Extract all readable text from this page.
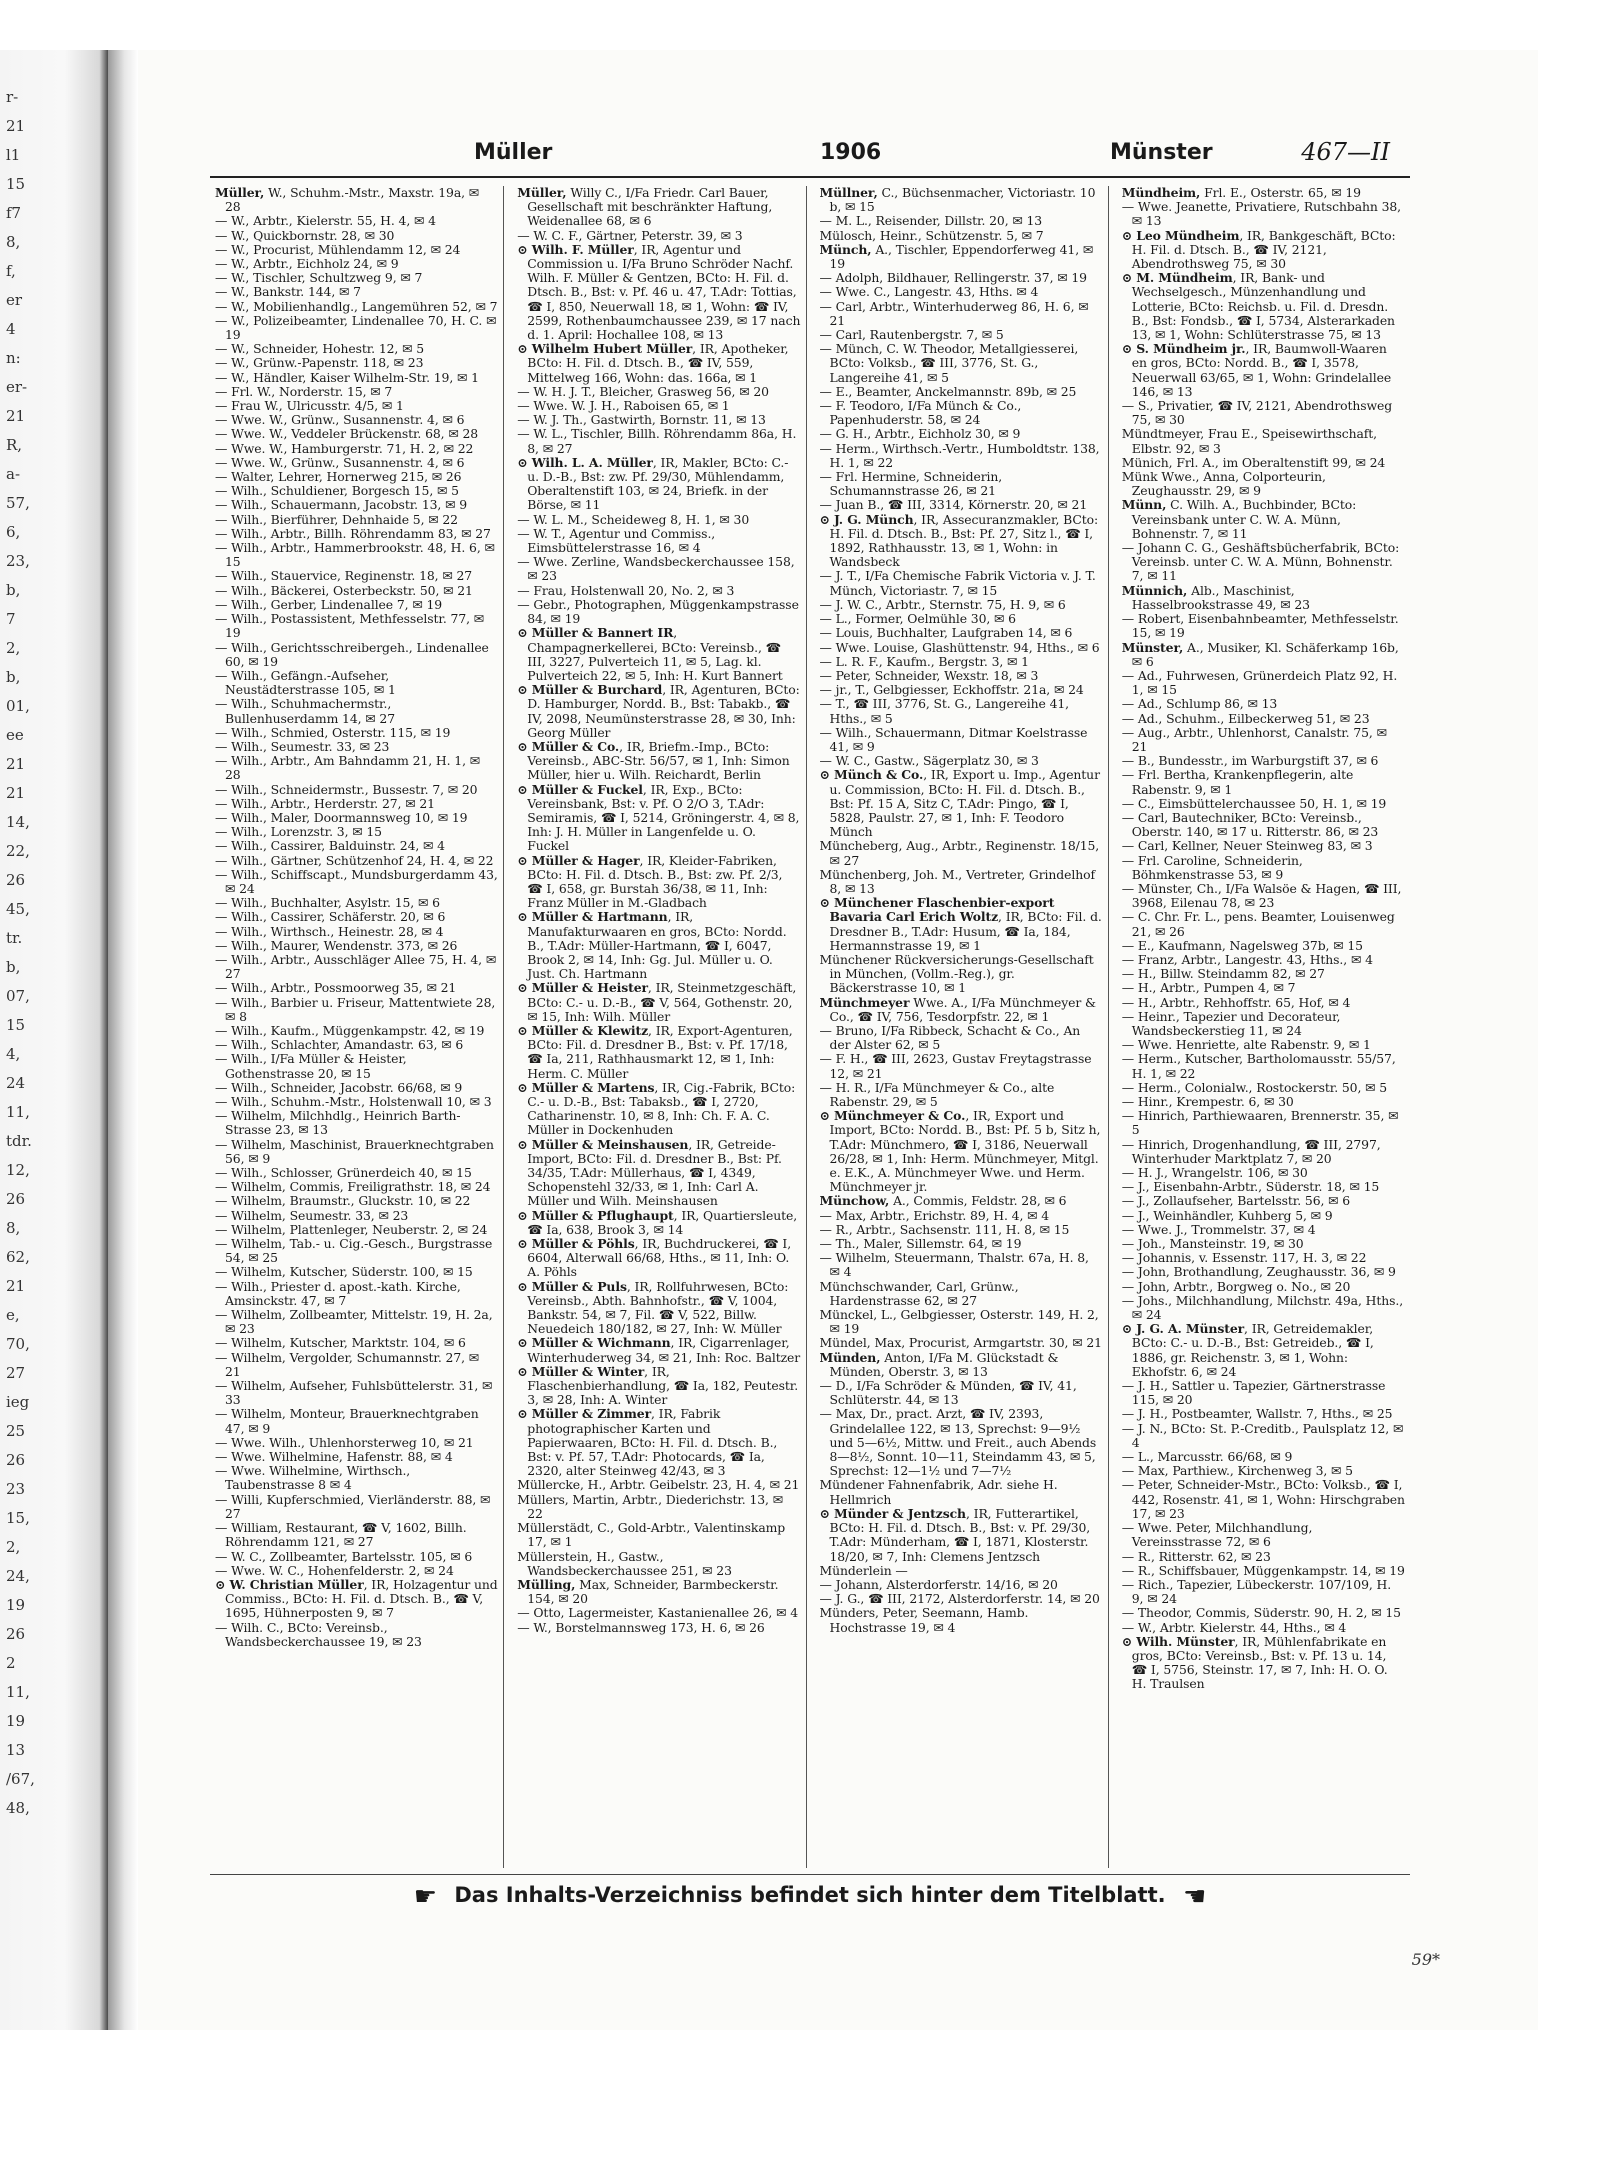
r-
21
l1
15
f7
8,
f,
er
4
n:
er-
21
R,
a-
57,
6,
23,
b,
7
2,
b,
01,
ee
21
21
14,
22,
26
45,
tr.
b,
07,
15
4,
24
11,
tdr.
12,
26
8,
62,
21
e,
70,
27
ieg
25
26
23
15,
2,
24,
19
26
2
11,
19
13
/67,
48,
Müller	1906	Münster	467—II

Müller, W., Schuhm.-Mstr., Maxstr. 19a, ✉ 28

— W., Arbtr., Kielerstr. 55, H. 4, ✉ 4

— W., Quickbornstr. 28, ✉ 30

— W., Procurist, Mühlendamm 12, ✉ 24

— W., Arbtr., Eichholz 24, ✉ 9

— W., Tischler, Schultzweg 9, ✉ 7

— W., Bankstr. 144, ✉ 7

— W., Mobilienhandlg., Langemühren 52, ✉ 7

— W., Polizeibeamter, Lindenallee 70, H. C. ✉ 19

— W., Schneider, Hohestr. 12, ✉ 5

— W., Grünw.-Papenstr. 118, ✉ 23

— W., Händler, Kaiser Wilhelm-Str. 19, ✉ 1

— Frl. W., Norderstr. 15, ✉ 7

— Frau W., Ulricusstr. 4/5, ✉ 1

— Wwe. W., Grünw., Susannenstr. 4, ✉ 6

— Wwe. W., Veddeler Brückenstr. 68, ✉ 28

— Wwe. W., Hamburgerstr. 71, H. 2, ✉ 22

— Wwe. W., Grünw., Susannenstr. 4, ✉ 6

— Walter, Lehrer, Hornerweg 215, ✉ 26

— Wilh., Schuldiener, Borgesch 15, ✉ 5

— Wilh., Schauermann, Jacobstr. 13, ✉ 9

— Wilh., Bierführer, Dehnhaide 5, ✉ 22

— Wilh., Arbtr., Billh. Röhrendamm 83, ✉ 27

— Wilh., Arbtr., Hammerbrookstr. 48, H. 6, ✉ 15

— Wilh., Stauervice, Reginenstr. 18, ✉ 27

— Wilh., Bäckerei, Osterbeckstr. 50, ✉ 21

— Wilh., Gerber, Lindenallee 7, ✉ 19

— Wilh., Postassistent, Methfesselstr. 77, ✉ 19

— Wilh., Gerichtsschreibergeh., Lindenallee 60, ✉ 19

— Wilh., Gefängn.-Aufseher, Neustädterstrasse 105, ✉ 1

— Wilh., Schuhmachermstr., Bullenhuserdamm 14, ✉ 27

— Wilh., Schmied, Osterstr. 115, ✉ 19

— Wilh., Seumestr. 33, ✉ 23

— Wilh., Arbtr., Am Bahndamm 21, H. 1, ✉ 28

— Wilh., Schneidermstr., Bussestr. 7, ✉ 20

— Wilh., Arbtr., Herderstr. 27, ✉ 21

— Wilh., Maler, Doormannsweg 10, ✉ 19

— Wilh., Lorenzstr. 3, ✉ 15

— Wilh., Cassirer, Balduinstr. 24, ✉ 4

— Wilh., Gärtner, Schützenhof 24, H. 4, ✉ 22

— Wilh., Schiffscapt., Mundsburgerdamm 43, ✉ 24

— Wilh., Buchhalter, Asylstr. 15, ✉ 6

— Wilh., Cassirer, Schäferstr. 20, ✉ 6

— Wilh., Wirthsch., Heinestr. 28, ✉ 4

— Wilh., Maurer, Wendenstr. 373, ✉ 26

— Wilh., Arbtr., Ausschläger Allee 75, H. 4, ✉ 27

— Wilh., Arbtr., Possmoorweg 35, ✉ 21

— Wilh., Barbier u. Friseur, Mattentwiete 28, ✉ 8

— Wilh., Kaufm., Müggenkampstr. 42, ✉ 19

— Wilh., Schlachter, Amandastr. 63, ✉ 6

— Wilh., I/Fa Müller & Heister, Gothenstrasse 20, ✉ 15

— Wilh., Schneider, Jacobstr. 66/68, ✉ 9

— Wilh., Schuhm.-Mstr., Holstenwall 10, ✉ 3

— Wilhelm, Milchhdlg., Heinrich Barth-Strasse 23, ✉ 13

— Wilhelm, Maschinist, Brauerknechtgraben 56, ✉ 9

— Wilh., Schlosser, Grünerdeich 40, ✉ 15

— Wilhelm, Commis, Freiligrathstr. 18, ✉ 24

— Wilhelm, Braumstr., Gluckstr. 10, ✉ 22

— Wilhelm, Seumestr. 33, ✉ 23

— Wilhelm, Plattenleger, Neuberstr. 2, ✉ 24

— Wilhelm, Tab.- u. Cig.-Gesch., Burgstrasse 54, ✉ 25

— Wilhelm, Kutscher, Süderstr. 100, ✉ 15

— Wilh., Priester d. apost.-kath. Kirche, Amsinckstr. 47, ✉ 7

— Wilhelm, Zollbeamter, Mittelstr. 19, H. 2a, ✉ 23

— Wilhelm, Kutscher, Marktstr. 104, ✉ 6

— Wilhelm, Vergolder, Schumannstr. 27, ✉ 21

— Wilhelm, Aufseher, Fuhlsbüttelerstr. 31, ✉ 33

— Wilhelm, Monteur, Brauerknechtgraben 47, ✉ 9

— Wwe. Wilh., Uhlenhorsterweg 10, ✉ 21

— Wwe. Wilhelmine, Hafenstr. 88, ✉ 4

— Wwe. Wilhelmine, Wirthsch., Taubenstrasse 8 ✉ 4

— Willi, Kupferschmied, Vierländerstr. 88, ✉ 27

— William, Restaurant, ☎ V, 1602, Billh. Röhrendamm 121, ✉ 27

— W. C., Zollbeamter, Bartelsstr. 105, ✉ 6

— Wwe. W. C., Hohenfelderstr. 2, ✉ 24

⊙ W. Christian Müller, IR, Holzagentur und Commiss., BCto: H. Fil. d. Dtsch. B., ☎ V, 1695, Hühnerposten 9, ✉ 7

— Wilh. C., BCto: Vereinsb., Wandsbeckerchaussee 19, ✉ 23

Müller, Willy C., I/Fa Friedr. Carl Bauer, Gesellschaft mit beschränkter Haftung, Weidenallee 68, ✉ 6

— W. C. F., Gärtner, Peterstr. 39, ✉ 3

⊙ Wilh. F. Müller, IR, Agentur und Commission u. I/Fa Bruno Schröder Nachf. Wilh. F. Müller & Gentzen, BCto: H. Fil. d. Dtsch. B., Bst: v. Pf. 46 u. 47, T.Adr: Tottias, ☎ I, 850, Neuerwall 18, ✉ 1, Wohn: ☎ IV, 2599, Rothenbaumchaussee 239, ✉ 17 nach d. 1. April: Hochallee 108, ✉ 13

⊙ Wilhelm Hubert Müller, IR, Apotheker, BCto: H. Fil. d. Dtsch. B., ☎ IV, 559, Mittelweg 166, Wohn: das. 166a, ✉ 1

— W. H. J. T., Bleicher, Grasweg 56, ✉ 20

— Wwe. W. J. H., Raboisen 65, ✉ 1

— W. J. Th., Gastwirth, Bornstr. 11, ✉ 13

— W. L., Tischler, Billh. Röhrendamm 86a, H. 8, ✉ 27

⊙ Wilh. L. A. Müller, IR, Makler, BCto: C.- u. D.-B., Bst: zw. Pf. 29/30, Mühlendamm, Oberaltenstift 103, ✉ 24, Briefk. in der Börse, ✉ 11

— W. L. M., Scheideweg 8, H. 1, ✉ 30

— W. T., Agentur und Commiss., Eimsbüttelerstrasse 16, ✉ 4

— Wwe. Zerline, Wandsbeckerchaussee 158, ✉ 23

— Frau, Holstenwall 20, No. 2, ✉ 3

— Gebr., Photographen, Müggenkampstrasse 84, ✉ 19

⊙ Müller & Bannert IR, Champagnerkellerei, BCto: Vereinsb., ☎ III, 3227, Pulverteich 11, ✉ 5, Lag. kl. Pulverteich 22, ✉ 5, Inh: H. Kurt Bannert

⊙ Müller & Burchard, IR, Agenturen, BCto: D. Hamburger, Nordd. B., Bst: Tabakb., ☎ IV, 2098, Neumünsterstrasse 28, ✉ 30, Inh: Georg Müller

⊙ Müller & Co., IR, Briefm.-Imp., BCto: Vereinsb., ABC-Str. 56/57, ✉ 1, Inh: Simon Müller, hier u. Wilh. Reichardt, Berlin

⊙ Müller & Fuckel, IR, Exp., BCto: Vereinsbank, Bst: v. Pf. O 2/O 3, T.Adr: Semiramis, ☎ I, 5214, Gröningerstr. 4, ✉ 8, Inh: J. H. Müller in Langenfelde u. O. Fuckel

⊙ Müller & Hager, IR, Kleider-Fabriken, BCto: H. Fil. d. Dtsch. B., Bst: zw. Pf. 2/3, ☎ I, 658, gr. Burstah 36/38, ✉ 11, Inh: Franz Müller in M.-Gladbach

⊙ Müller & Hartmann, IR, Manufakturwaaren en gros, BCto: Nordd. B., T.Adr: Müller-Hartmann, ☎ I, 6047, Brook 2, ✉ 14, Inh: Gg. Jul. Müller u. O. Just. Ch. Hartmann

⊙ Müller & Heister, IR, Steinmetzgeschäft, BCto: C.- u. D.-B., ☎ V, 564, Gothenstr. 20, ✉ 15, Inh: Wilh. Müller

⊙ Müller & Klewitz, IR, Export-Agenturen, BCto: Fil. d. Dresdner B., Bst: v. Pf. 17/18, ☎ Ia, 211, Rathhausmarkt 12, ✉ 1, Inh: Herm. C. Müller

⊙ Müller & Martens, IR, Cig.-Fabrik, BCto: C.- u. D.-B., Bst: Tabaksb., ☎ I, 2720, Catharinenstr. 10, ✉ 8, Inh: Ch. F. A. C. Müller in Dockenhuden

⊙ Müller & Meinshausen, IR, Getreide-Import, BCto: Fil. d. Dresdner B., Bst: Pf. 34/35, T.Adr: Müllerhaus, ☎ I, 4349, Schopenstehl 32/33, ✉ 1, Inh: Carl A. Müller und Wilh. Meinshausen

⊙ Müller & Pflughaupt, IR, Quartiersleute, ☎ Ia, 638, Brook 3, ✉ 14

⊙ Müller & Pöhls, IR, Buchdruckerei, ☎ I, 6604, Alterwall 66/68, Hths., ✉ 11, Inh: O. A. Pöhls

⊙ Müller & Puls, IR, Rollfuhrwesen, BCto: Vereinsb., Abth. Bahnhofstr., ☎ V, 1004, Bankstr. 54, ✉ 7, Fil. ☎ V, 522, Billw. Neuedeich 180/182, ✉ 27, Inh: W. Müller

⊙ Müller & Wichmann, IR, Cigarrenlager, Winterhuderweg 34, ✉ 21, Inh: Roc. Baltzer

⊙ Müller & Winter, IR, Flaschenbierhandlung, ☎ Ia, 182, Peutestr. 3, ✉ 28, Inh: A. Winter

⊙ Müller & Zimmer, IR, Fabrik photographischer Karten und Papierwaaren, BCto: H. Fil. d. Dtsch. B., Bst: v. Pf. 57, T.Adr: Photocards, ☎ Ia, 2320, alter Steinweg 42/43, ✉ 3

Müllercke, H., Arbtr. Geibelstr. 23, H. 4, ✉ 21

Müllers, Martin, Arbtr., Diederichstr. 13, ✉ 22

Müllerstädt, C., Gold-Arbtr., Valentinskamp 17, ✉ 1

Müllerstein, H., Gastw., Wandsbeckerchaussee 251, ✉ 23

Mülling, Max, Schneider, Barmbeckerstr. 154, ✉ 20

— Otto, Lagermeister, Kastanienallee 26, ✉ 4

— W., Borstelmannsweg 173, H. 6, ✉ 26

Müllner, C., Büchsenmacher, Victoriastr. 10 b, ✉ 15

— M. L., Reisender, Dillstr. 20, ✉ 13

Mülosch, Heinr., Schützenstr. 5, ✉ 7

Münch, A., Tischler, Eppendorferweg 41, ✉ 19

— Adolph, Bildhauer, Rellingerstr. 37, ✉ 19

— Wwe. C., Langestr. 43, Hths. ✉ 4

— Carl, Arbtr., Winterhuderweg 86, H. 6, ✉ 21

— Carl, Rautenbergstr. 7, ✉ 5

— Münch, C. W. Theodor, Metallgiesserei, BCto: Volksb., ☎ III, 3776, St. G., Langereihe 41, ✉ 5

— E., Beamter, Anckelmannstr. 89b, ✉ 25

— F. Teodoro, I/Fa Münch & Co., Papenhuderstr. 58, ✉ 24

— G. H., Arbtr., Eichholz 30, ✉ 9

— Herm., Wirthsch.-Vertr., Humboldtstr. 138, H. 1, ✉ 22

— Frl. Hermine, Schneiderin, Schumannstrasse 26, ✉ 21

— Juan B., ☎ III, 3314, Körnerstr. 20, ✉ 21

⊙ J. G. Münch, IR, Assecuranzmakler, BCto: H. Fil. d. Dtsch. B., Bst: Pf. 27, Sitz l., ☎ I, 1892, Rathhausstr. 13, ✉ 1, Wohn: in Wandsbeck

— J. T., I/Fa Chemische Fabrik Victoria v. J. T. Münch, Victoriastr. 7, ✉ 15

— J. W. C., Arbtr., Sternstr. 75, H. 9, ✉ 6

— L., Former, Oelmühle 30, ✉ 6

— Louis, Buchhalter, Laufgraben 14, ✉ 6

— Wwe. Louise, Glashüttenstr. 94, Hths., ✉ 6

— L. R. F., Kaufm., Bergstr. 3, ✉ 1

— Peter, Schneider, Wexstr. 18, ✉ 3

— jr., T., Gelbgiesser, Eckhoffstr. 21a, ✉ 24

— T., ☎ III, 3776, St. G., Langereihe 41, Hths., ✉ 5

— Wilh., Schauermann, Ditmar Koelstrasse 41, ✉ 9

— W. C., Gastw., Sägerplatz 30, ✉ 3

⊙ Münch & Co., IR, Export u. Imp., Agentur u. Commission, BCto: H. Fil. d. Dtsch. B., Bst: Pf. 15 A, Sitz C, T.Adr: Pingo, ☎ I, 5828, Paulstr. 27, ✉ 1, Inh: F. Teodoro Münch

Müncheberg, Aug., Arbtr., Reginenstr. 18/15, ✉ 27

Münchenberg, Joh. M., Vertreter, Grindelhof 8, ✉ 13

⊙ Münchener Flaschenbier-export Bavaria Carl Erich Woltz, IR, BCto: Fil. d. Dresdner B., T.Adr: Husum, ☎ Ia, 184, Hermannstrasse 19, ✉ 1

Münchener Rückversicherungs-Gesellschaft in München, (Vollm.-Reg.), gr. Bäckerstrasse 10, ✉ 1

Münchmeyer Wwe. A., I/Fa Münchmeyer & Co., ☎ IV, 756, Tesdorpfstr. 22, ✉ 1

— Bruno, I/Fa Ribbeck, Schacht & Co., An der Alster 62, ✉ 5

— F. H., ☎ III, 2623, Gustav Freytagstrasse 12, ✉ 21

— H. R., I/Fa Münchmeyer & Co., alte Rabenstr. 29, ✉ 5

⊙ Münchmeyer & Co., IR, Export und Import, BCto: Nordd. B., Bst: Pf. 5 b, Sitz h, T.Adr: Münchmero, ☎ I, 3186, Neuerwall 26/28, ✉ 1, Inh: Herm. Münchmeyer, Mitgl. e. E.K., A. Münchmeyer Wwe. und Herm. Münchmeyer jr.

Münchow, A., Commis, Feldstr. 28, ✉ 6

— Max, Arbtr., Erichstr. 89, H. 4, ✉ 4

— R., Arbtr., Sachsenstr. 111, H. 8, ✉ 15

— Th., Maler, Sillemstr. 64, ✉ 19

— Wilhelm, Steuermann, Thalstr. 67a, H. 8, ✉ 4

Münchschwander, Carl, Grünw., Hardenstrasse 62, ✉ 27

Münckel, L., Gelbgiesser, Osterstr. 149, H. 2, ✉ 19

Mündel, Max, Procurist, Armgartstr. 30, ✉ 21

Münden, Anton, I/Fa M. Glückstadt & Münden, Oberstr. 3, ✉ 13

— D., I/Fa Schröder & Münden, ☎ IV, 41, Schlüterstr. 44, ✉ 13

— Max, Dr., pract. Arzt, ☎ IV, 2393, Grindelallee 122, ✉ 13, Sprechst: 9—9½ und 5—6½, Mittw. und Freit., auch Abends 8—8½, Sonnt. 10—11, Steindamm 43, ✉ 5, Sprechst: 12—1½ und 7—7½

Mündener Fahnenfabrik, Adr. siehe H. Hellmrich

⊙ Münder & Jentzsch, IR, Futterartikel, BCto: H. Fil. d. Dtsch. B., Bst: v. Pf. 29/30, T.Adr: Münderham, ☎ I, 1871, Klosterstr. 18/20, ✉ 7, Inh: Clemens Jentzsch

Münderlein —

— Johann, Alsterdorferstr. 14/16, ✉ 20

— J. G., ☎ III, 2172, Alsterdorferstr. 14, ✉ 20

Münders, Peter, Seemann, Hamb. Hochstrasse 19, ✉ 4

Mündheim, Frl. E., Osterstr. 65, ✉ 19

— Wwe. Jeanette, Privatiere, Rutschbahn 38, ✉ 13

⊙ Leo Mündheim, IR, Bankgeschäft, BCto: H. Fil. d. Dtsch. B., ☎ IV, 2121, Abendrothsweg 75, ✉ 30

⊙ M. Mündheim, IR, Bank- und Wechselgesch., Münzenhandlung und Lotterie, BCto: Reichsb. u. Fil. d. Dresdn. B., Bst: Fondsb., ☎ I, 5734, Alsterarkaden 13, ✉ 1, Wohn: Schlüterstrasse 75, ✉ 13

⊙ S. Mündheim jr., IR, Baumwoll-Waaren en gros, BCto: Nordd. B., ☎ I, 3578, Neuerwall 63/65, ✉ 1, Wohn: Grindelallee 146, ✉ 13

— S., Privatier, ☎ IV, 2121, Abendrothsweg 75, ✉ 30

Mündtmeyer, Frau E., Speisewirthschaft, Elbstr. 92, ✉ 3

Münich, Frl. A., im Oberaltenstift 99, ✉ 24

Münk Wwe., Anna, Colporteurin, Zeughausstr. 29, ✉ 9

Münn, C. Wilh. A., Buchbinder, BCto: Vereinsbank unter C. W. A. Münn, Bohnenstr. 7, ✉ 11

— Johann C. G., Geshäftsbücherfabrik, BCto: Vereinsb. unter C. W. A. Münn, Bohnenstr. 7, ✉ 11

Münnich, Alb., Maschinist, Hasselbrookstrasse 49, ✉ 23

— Robert, Eisenbahnbeamter, Methfesselstr. 15, ✉ 19

Münster, A., Musiker, Kl. Schäferkamp 16b, ✉ 6

— Ad., Fuhrwesen, Grünerdeich Platz 92, H. 1, ✉ 15

— Ad., Schlump 86, ✉ 13

— Ad., Schuhm., Eilbeckerweg 51, ✉ 23

— Aug., Arbtr., Uhlenhorst, Canalstr. 75, ✉ 21

— B., Bundesstr., im Warburgstift 37, ✉ 6

— Frl. Bertha, Krankenpflegerin, alte Rabenstr. 9, ✉ 1

— C., Eimsbüttelerchaussee 50, H. 1, ✉ 19

— Carl, Bautechniker, BCto: Vereinsb., Oberstr. 140, ✉ 17 u. Ritterstr. 86, ✉ 23

— Carl, Kellner, Neuer Steinweg 83, ✉ 3

— Frl. Caroline, Schneiderin, Böhmkenstrasse 53, ✉ 9

— Münster, Ch., I/Fa Walsöe & Hagen, ☎ III, 3968, Eilenau 78, ✉ 23

— C. Chr. Fr. L., pens. Beamter, Louisenweg 21, ✉ 26

— E., Kaufmann, Nagelsweg 37b, ✉ 15

— Franz, Arbtr., Langestr. 43, Hths., ✉ 4

— H., Billw. Steindamm 82, ✉ 27

— H., Arbtr., Pumpen 4, ✉ 7

— H., Arbtr., Rehhoffstr. 65, Hof, ✉ 4

— Heinr., Tapezier und Decorateur, Wandsbeckerstieg 11, ✉ 24

— Wwe. Henriette, alte Rabenstr. 9, ✉ 1

— Herm., Kutscher, Bartholomausstr. 55/57, H. 1, ✉ 22

— Herm., Colonialw., Rostockerstr. 50, ✉ 5

— Hinr., Krempestr. 6, ✉ 30

— Hinrich, Parthiewaaren, Brennerstr. 35, ✉ 5

— Hinrich, Drogenhandlung, ☎ III, 2797, Winterhuder Marktplatz 7, ✉ 20

— H. J., Wrangelstr. 106, ✉ 30

— J., Eisenbahn-Arbtr., Süderstr. 18, ✉ 15

— J., Zollaufseher, Bartelsstr. 56, ✉ 6

— J., Weinhändler, Kuhberg 5, ✉ 9

— Wwe. J., Trommelstr. 37, ✉ 4

— Joh., Mansteinstr. 19, ✉ 30

— Johannis, v. Essenstr. 117, H. 3, ✉ 22

— John, Brothandlung, Zeughausstr. 36, ✉ 9

— John, Arbtr., Borgweg o. No., ✉ 20

— Johs., Milchhandlung, Milchstr. 49a, Hths., ✉ 24

⊙ J. G. A. Münster, IR, Getreidemakler, BCto: C.- u. D.-B., Bst: Getreideb., ☎ I, 1886, gr. Reichenstr. 3, ✉ 1, Wohn: Ekhofstr. 6, ✉ 24

— J. H., Sattler u. Tapezier, Gärtnerstrasse 115, ✉ 20

— J. H., Postbeamter, Wallstr. 7, Hths., ✉ 25

— J. N., BCto: St. P.-Creditb., Paulsplatz 12, ✉ 4

— L., Marcusstr. 66/68, ✉ 9

— Max, Parthiew., Kirchenweg 3, ✉ 5

— Peter, Schneider-Mstr., BCto: Volksb., ☎ I, 442, Rosenstr. 41, ✉ 1, Wohn: Hirschgraben 17, ✉ 23

— Wwe. Peter, Milchhandlung, Vereinsstrasse 72, ✉ 6

— R., Ritterstr. 62, ✉ 23

— R., Schiffsbauer, Müggenkampstr. 14, ✉ 19

— Rich., Tapezier, Lübeckerstr. 107/109, H. 9, ✉ 24

— Theodor, Commis, Süderstr. 90, H. 2, ✉ 15

— W., Arbtr. Kielerstr. 44, Hths., ✉ 4

⊙ Wilh. Münster, IR, Mühlenfabrikate en gros, BCto: Vereinsb., Bst: v. Pf. 13 u. 14, ☎ I, 5756, Steinstr. 17, ✉ 7, Inh: H. O. O. H. Traulsen

☛ Das Inhalts-Verzeichniss befindet sich hinter dem Titelblatt. ☚
59*
